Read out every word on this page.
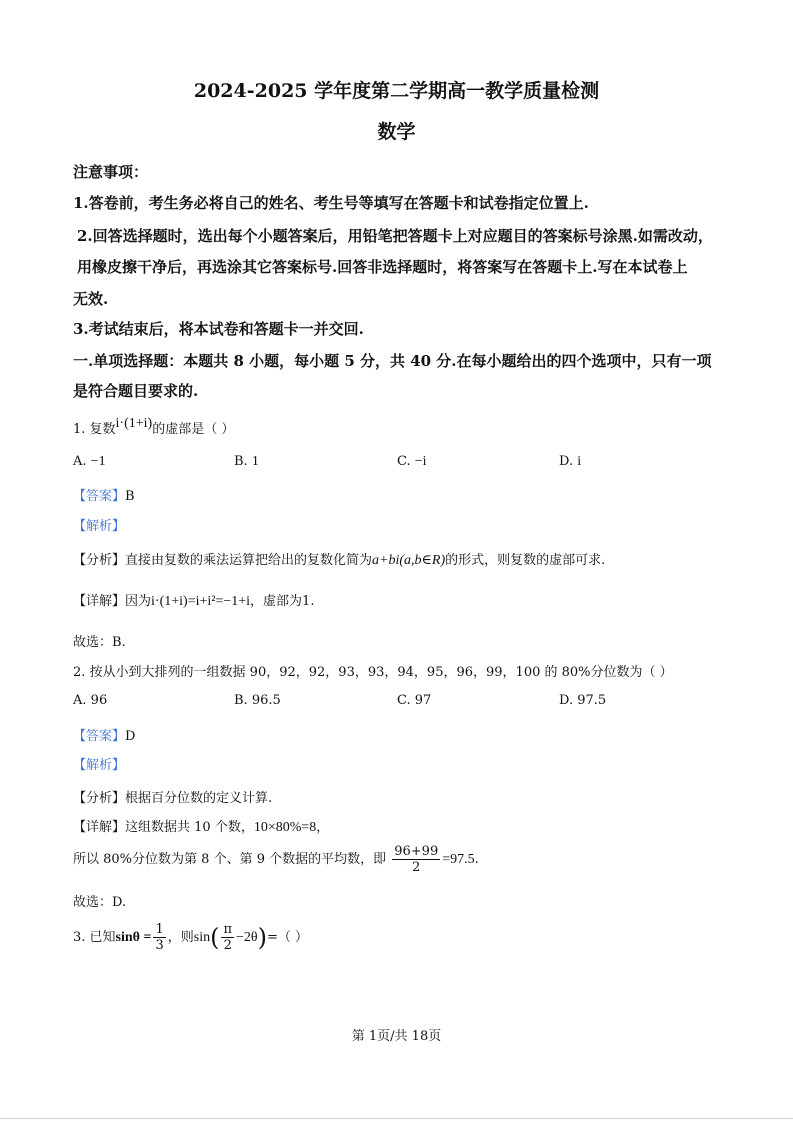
2024-2025 学年度第二学期高一教学质量检测
数学
注意事项：
1.答卷前，考生务必将自己的姓名、考生号等填写在答题卡和试卷指定位置上.
2.回答选择题时，选出每个小题答案后，用铅笔把答题卡上对应题目的答案标号涂黑.如需改动，
用橡皮擦干净后，再选涂其它答案标号.回答非选择题时，将答案写在答题卡上.写在本试卷上
无效.
3.考试结束后，将本试卷和答题卡一并交回.
一.单项选择题：本题共 8 小题，每小题 5 分，共 40 分.在每小题给出的四个选项中，只有一项
是符合题目要求的.
1. 复数i·(1+i)的虚部是（ ）
A. −1	B. 1	C. −i	D. i
【答案】B
【解析】
【分析】直接由复数的乘法运算把给出的复数化简为a+bi(a,b∈R)的形式，则复数的虚部可求.
【详解】因为i·(1+i)=i+i²=−1+i，虚部为1.
故选：B.
2. 按从小到大排列的一组数据 90，92，92，93，93，94，95，96，99，100 的 80%分位数为（ ）
A. 96	B. 96.5	C. 97	D. 97.5
【答案】D
【解析】
【分析】根据百分位数的定义计算.
【详解】这组数据共 10 个数，10×80%=8，
所以 80%分位数为第 8 个、第 9 个数据的平均数，即 $\frac{96+99}{2} =97.5$.
故选：D.
3. 已知$\sin\theta = \frac{1}{3}$ ，则$\sin( \frac{\pi}{2} -2\theta)=$（ ）
第 1页/共 18页
